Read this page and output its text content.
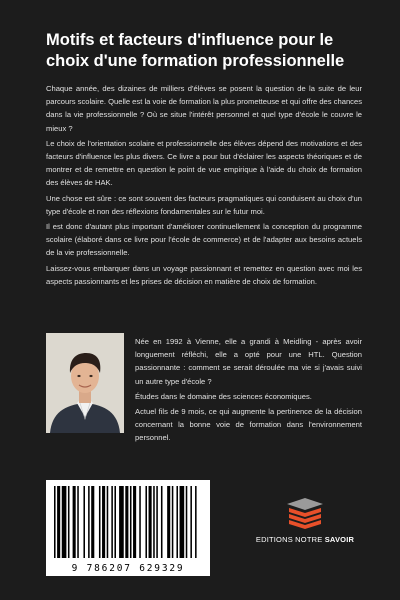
Motifs et facteurs d'influence pour le choix d'une formation professionnelle

Chaque année, des dizaines de milliers d'élèves se posent la question de la suite de leur parcours scolaire. Quelle est la voie de formation la plus prometteuse et qui offre des chances dans la vie professionnelle ? Où se situe l'intérêt personnel et quel type d'école le couvre le mieux ?

Le choix de l'orientation scolaire et professionnelle des élèves dépend des motivations et des facteurs d'influence les plus divers. Ce livre a pour but d'éclairer les aspects théoriques et de montrer et de remettre en question le point de vue empirique à l'aide du choix de formation des élèves de HAK.

Une chose est sûre : ce sont souvent des facteurs pragmatiques qui conduisent au choix d'un type d'école et non des réflexions fondamentales sur le futur moi.

Il est donc d'autant plus important d'améliorer continuellement la conception du programme scolaire (élaboré dans ce livre pour l'école de commerce) et de l'adapter aux besoins actuels de la vie professionnelle.

Laissez-vous embarquer dans un voyage passionnant et remettez en question avec moi les aspects passionnants et les prises de décision en matière de choix de formation.

Née en 1992 à Vienne, elle a grandi à Meidling - après avoir longuement réfléchi, elle a opté pour une HTL. Question passionnante : comment se serait déroulée ma vie si j'avais suivi un autre type d'école ?

Études dans le domaine des sciences économiques.

Actuel fils de 9 mois, ce qui augmente la pertinence de la décision concernant la bonne voie de formation dans l'environnement personnel.

9 786207 629329
EDITIONS NOTRE SAVOIR
